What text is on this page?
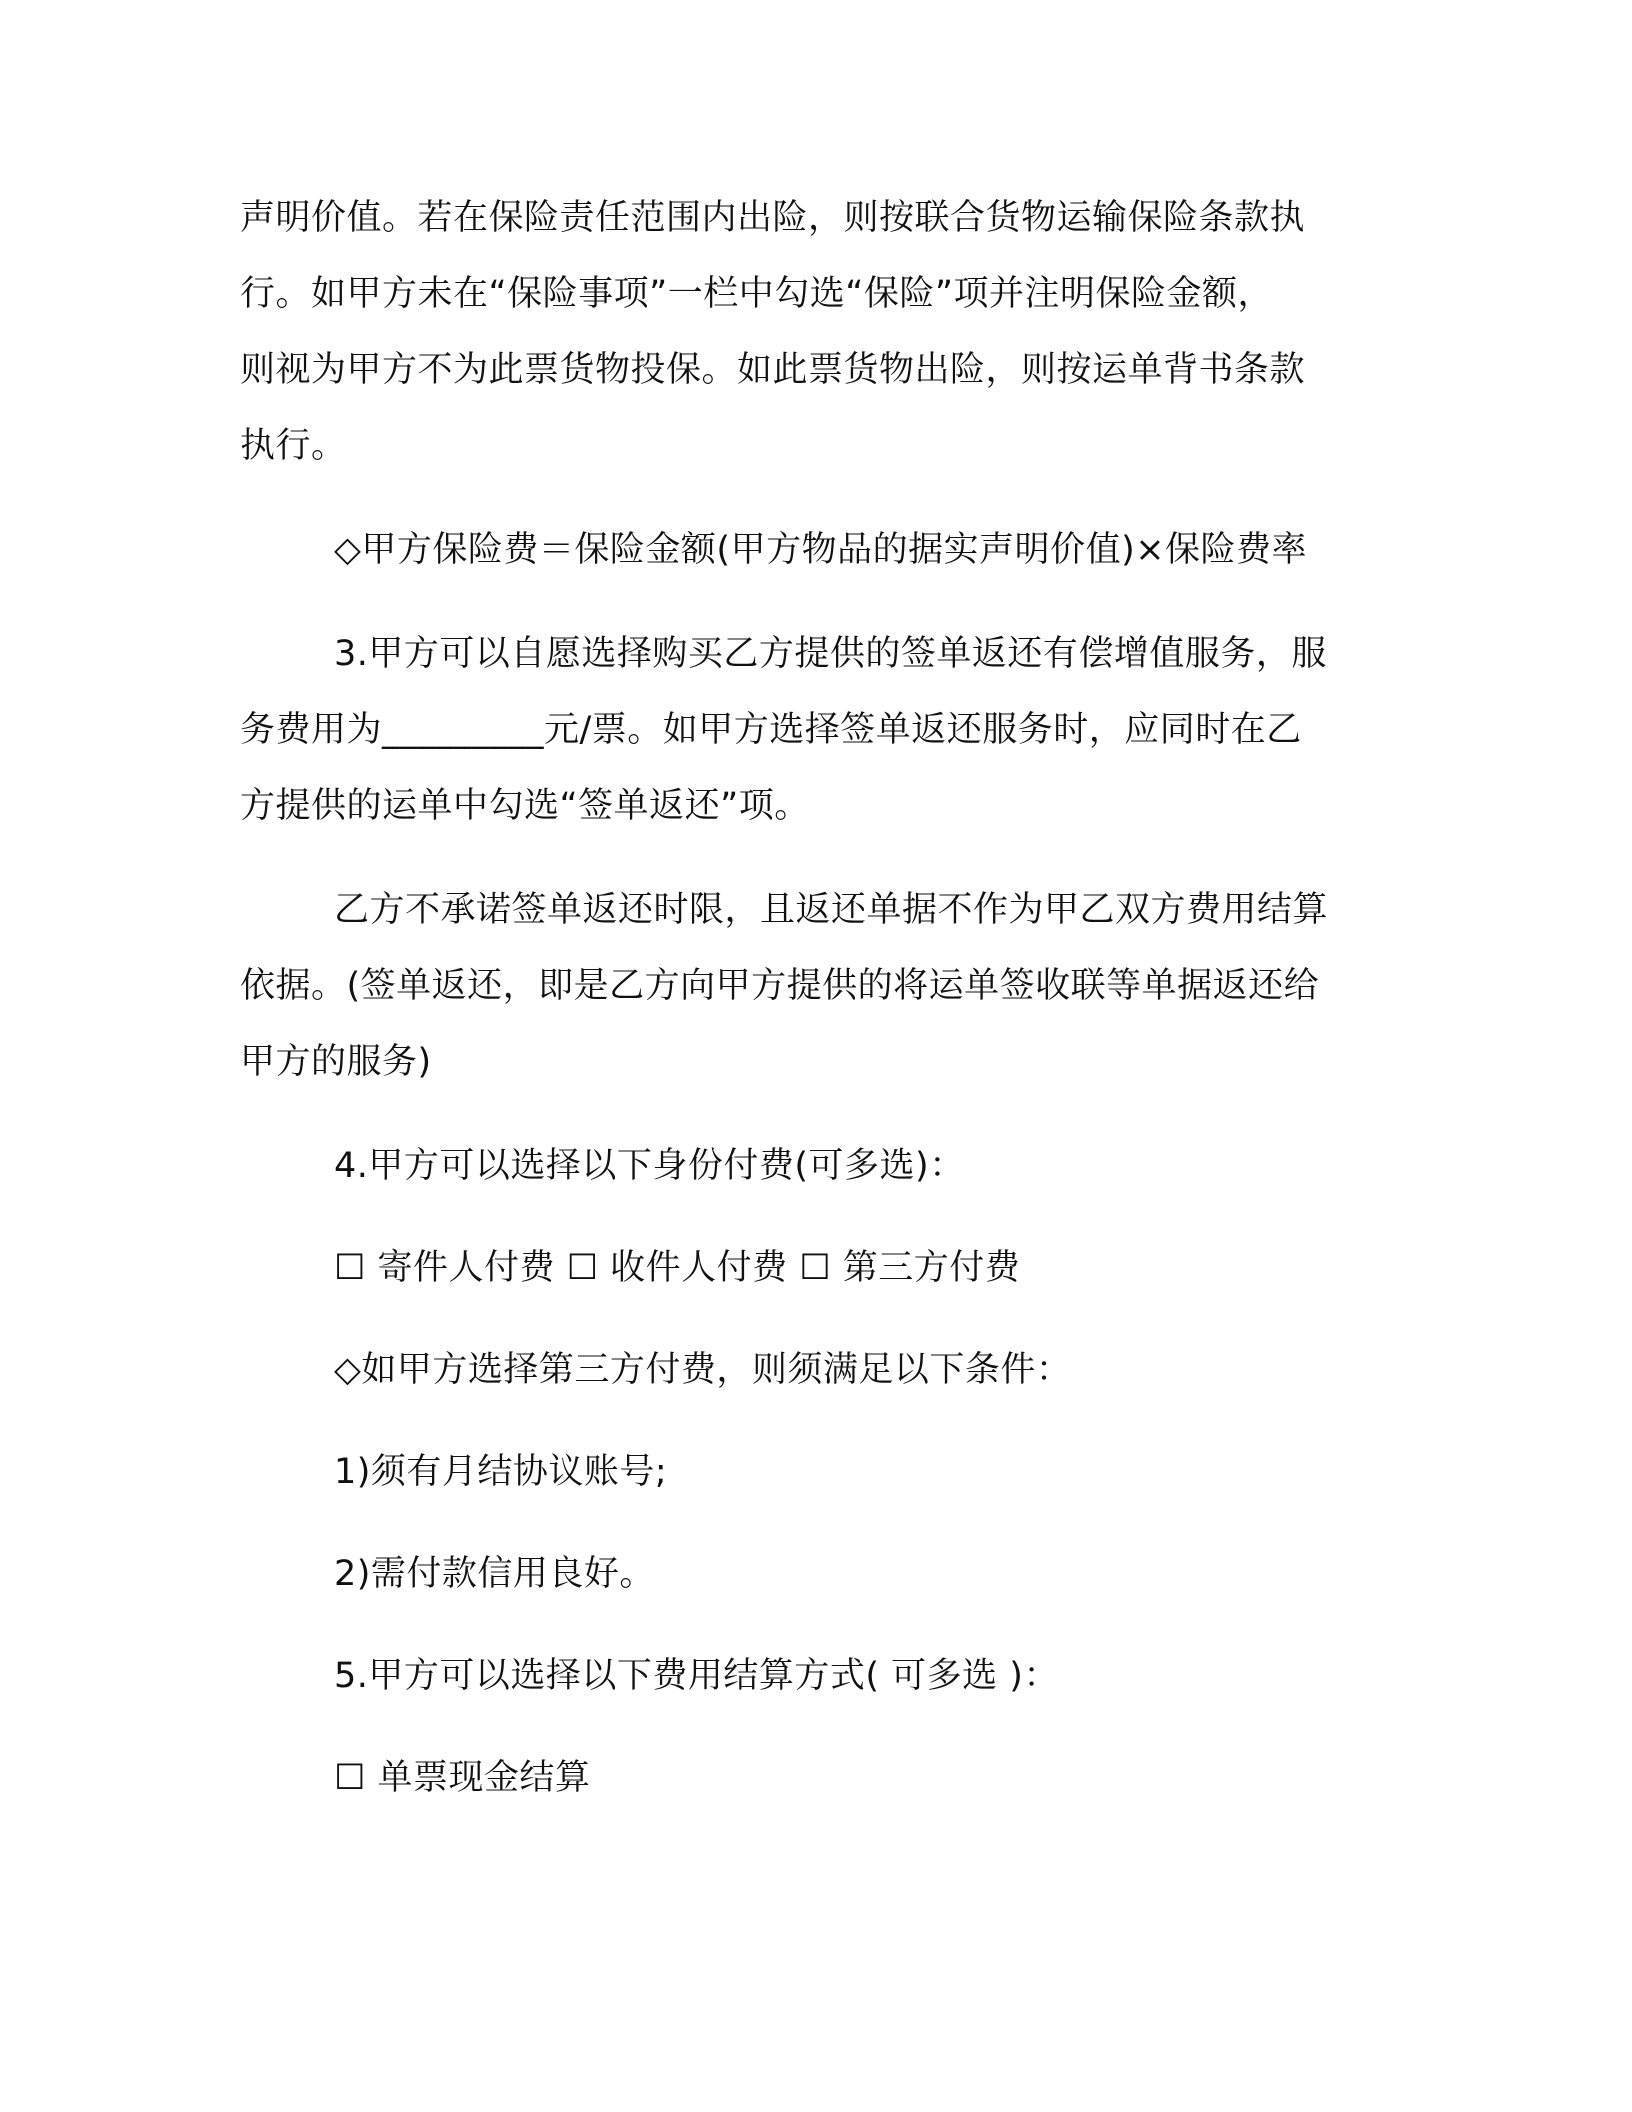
声明价值。若在保险责任范围内出险，则按联合货物运输保险条款执
行。如甲方未在“保险事项”一栏中勾选“保险”项并注明保险金额，
则视为甲方不为此票货物投保。如此票货物出险，则按运单背书条款
执行。
◇甲方保险费＝保险金额(甲方物品的据实声明价值)×保险费率
3.甲方可以自愿选择购买乙方提供的签单返还有偿增值服务，服
务费用为_________元/票。如甲方选择签单返还服务时，应同时在乙
方提供的运单中勾选“签单返还”项。
乙方不承诺签单返还时限，且返还单据不作为甲乙双方费用结算
依据。(签单返还，即是乙方向甲方提供的将运单签收联等单据返还给
甲方的服务)
4.甲方可以选择以下身份付费(可多选)：
☐ 寄件人付费 ☐ 收件人付费 ☐ 第三方付费
◇如甲方选择第三方付费，则须满足以下条件：
1)须有月结协议账号;
2)需付款信用良好。
5.甲方可以选择以下费用结算方式( 可多选 )：
☐ 单票现金结算
